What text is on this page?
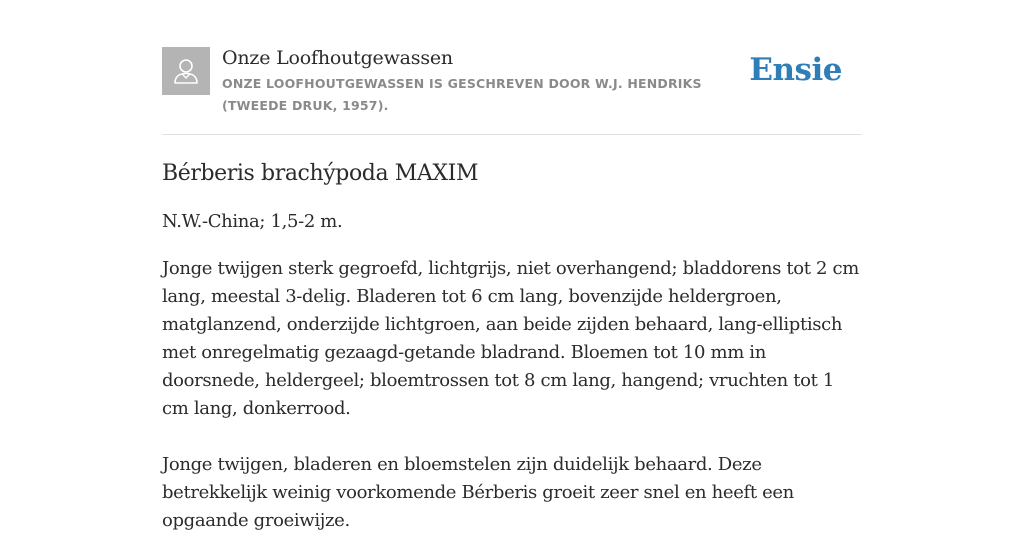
Onze Loofhoutgewassen
ONZE LOOFHOUTGEWASSEN IS GESCHREVEN DOOR W.J. HENDRIKS (TWEEDE DRUK, 1957).
Ensie
Bérberis brachýpoda MAXIM

N.W.-China; 1,5-2 m.

Jonge twijgen sterk gegroefd, lichtgrijs, niet overhangend; bladdorens tot 2 cm lang, meestal 3-delig. Bladeren tot 6 cm lang, bovenzijde heldergroen, matglanzend, onderzijde lichtgroen, aan beide zijden behaard, lang-elliptisch met onregelmatig gezaagd-getande bladrand. Bloemen tot 10 mm in doorsnede, heldergeel; bloemtrossen tot 8 cm lang, hangend; vruchten tot 1 cm lang, donkerrood.

Jonge twijgen, bladeren en bloemstelen zijn duidelijk behaard. Deze betrekkelijk weinig voorkomende Bérberis groeit zeer snel en heeft een opgaande groeiwijze.
